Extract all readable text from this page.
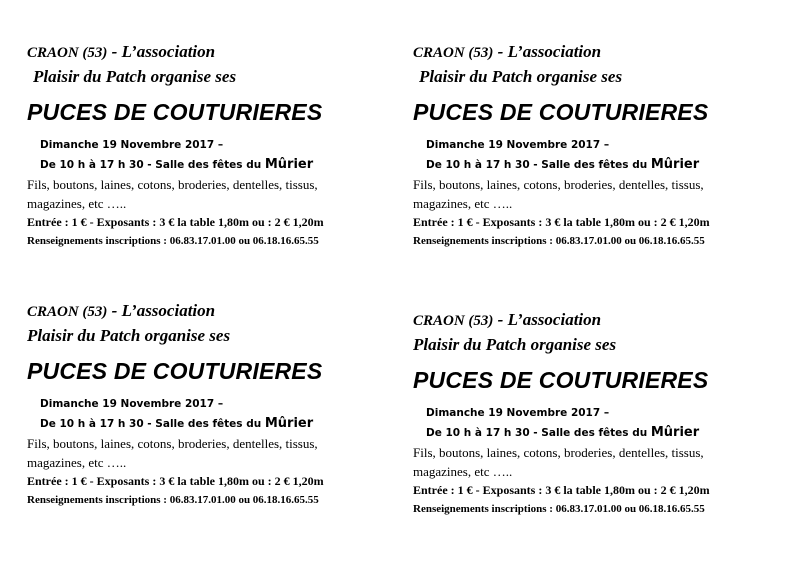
CRAON (53) - L’association
Plaisir du Patch organise ses
PUCES DE COUTURIERES
Dimanche 19 Novembre 2017 –
De 10 h à 17 h 30 - Salle des fêtes du Mûrier
Fils, boutons, laines, cotons, broderies, dentelles, tissus, magazines, etc …..
Entrée : 1 € - Exposants : 3 € la table 1,80m ou : 2 € 1,20m
Renseignements inscriptions : 06.83.17.01.00 ou 06.18.16.65.55
CRAON (53) - L’association
Plaisir du Patch organise ses
PUCES DE COUTURIERES
Dimanche 19 Novembre 2017 –
De 10 h à 17 h 30 - Salle des fêtes du Mûrier
Fils, boutons, laines, cotons, broderies, dentelles, tissus, magazines, etc …..
Entrée : 1 € - Exposants : 3 € la table 1,80m ou : 2 € 1,20m
Renseignements inscriptions : 06.83.17.01.00 ou 06.18.16.65.55
CRAON (53) - L’association
Plaisir du Patch organise ses
PUCES DE COUTURIERES
Dimanche 19 Novembre 2017 –
De 10 h à 17 h 30 - Salle des fêtes du Mûrier
Fils, boutons, laines, cotons, broderies, dentelles, tissus, magazines, etc …..
Entrée : 1 € - Exposants : 3 € la table 1,80m ou : 2 € 1,20m
Renseignements inscriptions : 06.83.17.01.00 ou 06.18.16.65.55
CRAON (53) - L’association
Plaisir du Patch organise ses
PUCES DE COUTURIERES
Dimanche 19 Novembre 2017 –
De 10 h à 17 h 30 - Salle des fêtes du Mûrier
Fils, boutons, laines, cotons, broderies, dentelles, tissus, magazines, etc …..
Entrée : 1 € - Exposants : 3 € la table 1,80m ou : 2 € 1,20m
Renseignements inscriptions : 06.83.17.01.00 ou 06.18.16.65.55
